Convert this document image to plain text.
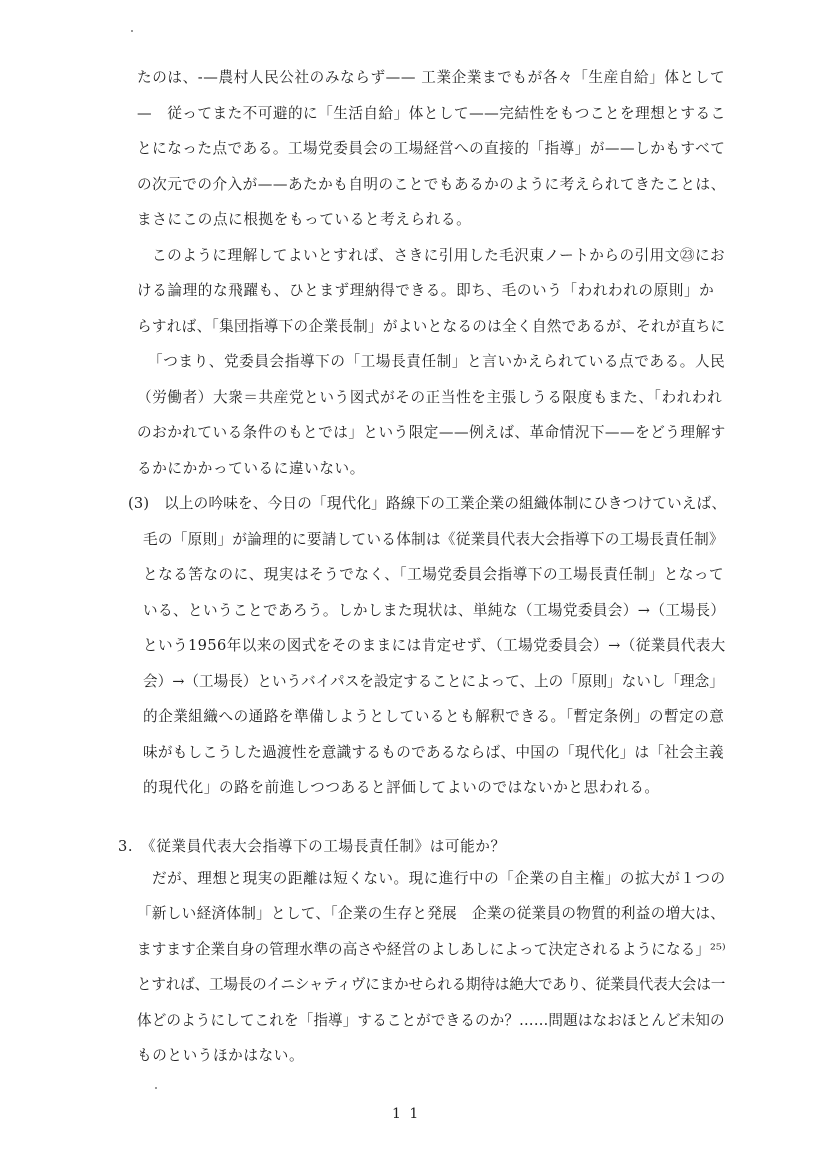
たのは、-—農村人民公社のみならず—— 工業企業までもが各々「生産自給」体として
—　従ってまた不可避的に「生活自給」体として——完結性をもつことを理想とするこ
とになった点である。工場党委員会の工場経営への直接的「指導」が——しかもすべて
の次元での介入が——あたかも自明のことでもあるかのように考えられてきたことは、
まさにこの点に根拠をもっていると考えられる。
このように理解してよいとすれば、さきに引用した毛沢東ノートからの引用文㉓にお
ける論理的な飛躍も、ひとまず理納得できる。即ち、毛のいう「われわれの原則」か
らすれば、「集団指導下の企業長制」がよいとなるのは全く自然であるが、それが直ちに
「つまり、党委員会指導下の「工場長責任制」と言いかえられている点である。人民
（労働者）大衆＝共産党という図式がその正当性を主張しうる限度もまた、「われわれ
のおかれている条件のもとでは」という限定——例えば、革命情況下——をどう理解す
るかにかかっているに違いない。
(3)　以上の吟味を、今日の「現代化」路線下の工業企業の組織体制にひきつけていえば、
毛の「原則」が論理的に要請している体制は《従業員代表大会指導下の工場長責任制》
となる筈なのに、現実はそうでなく、「工場党委員会指導下の工場長責任制」となって
いる、ということであろう。しかしまた現状は、単純な（工場党委員会）→（工場長）
という1956年以来の図式をそのままには肯定せず、（工場党委員会）→（従業員代表大
会）→（工場長）というバイパスを設定することによって、上の「原則」ないし「理念」
的企業組織への通路を準備しようとしているとも解釈できる。「暫定条例」の暫定の意
味がもしこうした過渡性を意識するものであるならば、中国の「現代化」は「社会主義
的現代化」の路を前進しつつあると評価してよいのではないかと思われる。
3.　《従業員代表大会指導下の工場長責任制》は可能か？
だが、理想と現実の距離は短くない。現に進行中の「企業の自主権」の拡大が１つの
「新しい経済体制」として、「企業の生存と発展　企業の従業員の物質的利益の増大は、
ますます企業自身の管理水準の高さや経営のよしあしによって決定されるようになる」²⁵⁾
とすれば、工場長のイニシャティヴにまかせられる期待は絶大であり、従業員代表大会は一
体どのようにしてこれを「指導」することができるのか？……問題はなおほとんど未知の
ものというほかはない。
1 1
